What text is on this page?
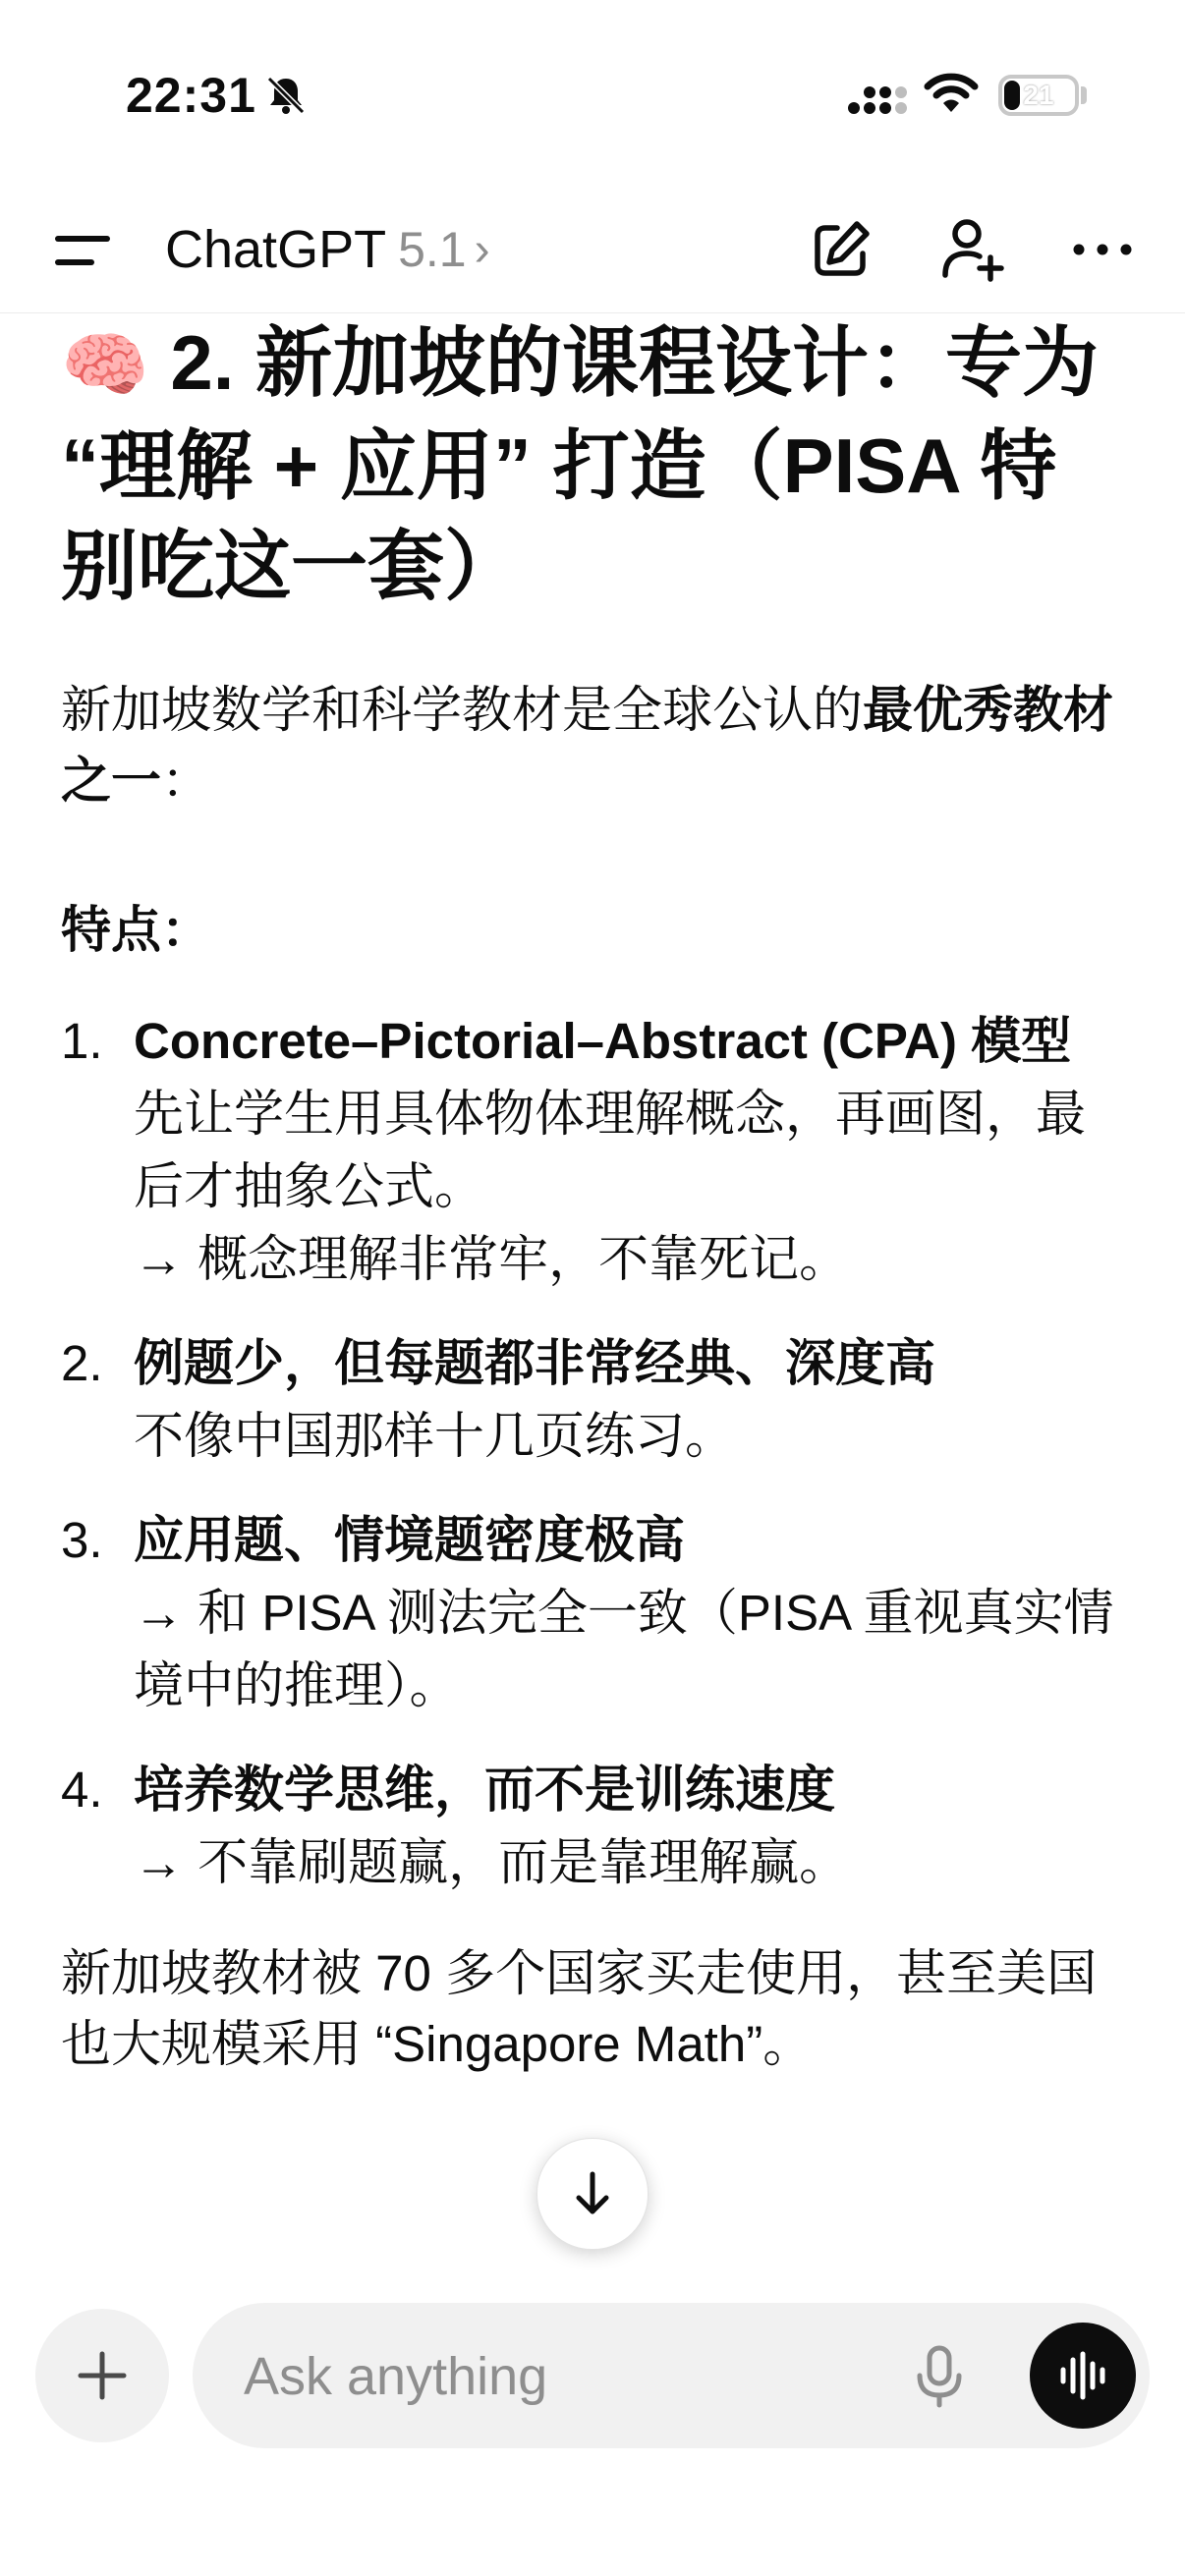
22:31	21
ChatGPT 5.1 ›
🧠 2. 新加坡的课程设计：专为 “理解 + 应用” 打造（PISA 特别吃这一套）

新加坡数学和科学教材是全球公认的最优秀教材之一：

特点：
1. Concrete–Pictorial–Abstract (CPA) 模型
先让学生用具体物体理解概念，再画图，最后才抽象公式。
→ 概念理解非常牢，不靠死记。
2. 例题少，但每题都非常经典、深度高
不像中国那样十几页练习。
3. 应用题、情境题密度极高
→ 和 PISA 测法完全一致（PISA 重视真实情境中的推理）。
4. 培养数学思维，而不是训练速度
→ 不靠刷题赢，而是靠理解赢。

新加坡教材被 70 多个国家买走使用，甚至美国也大规模采用 “Singapore Math”。

Ask anything
